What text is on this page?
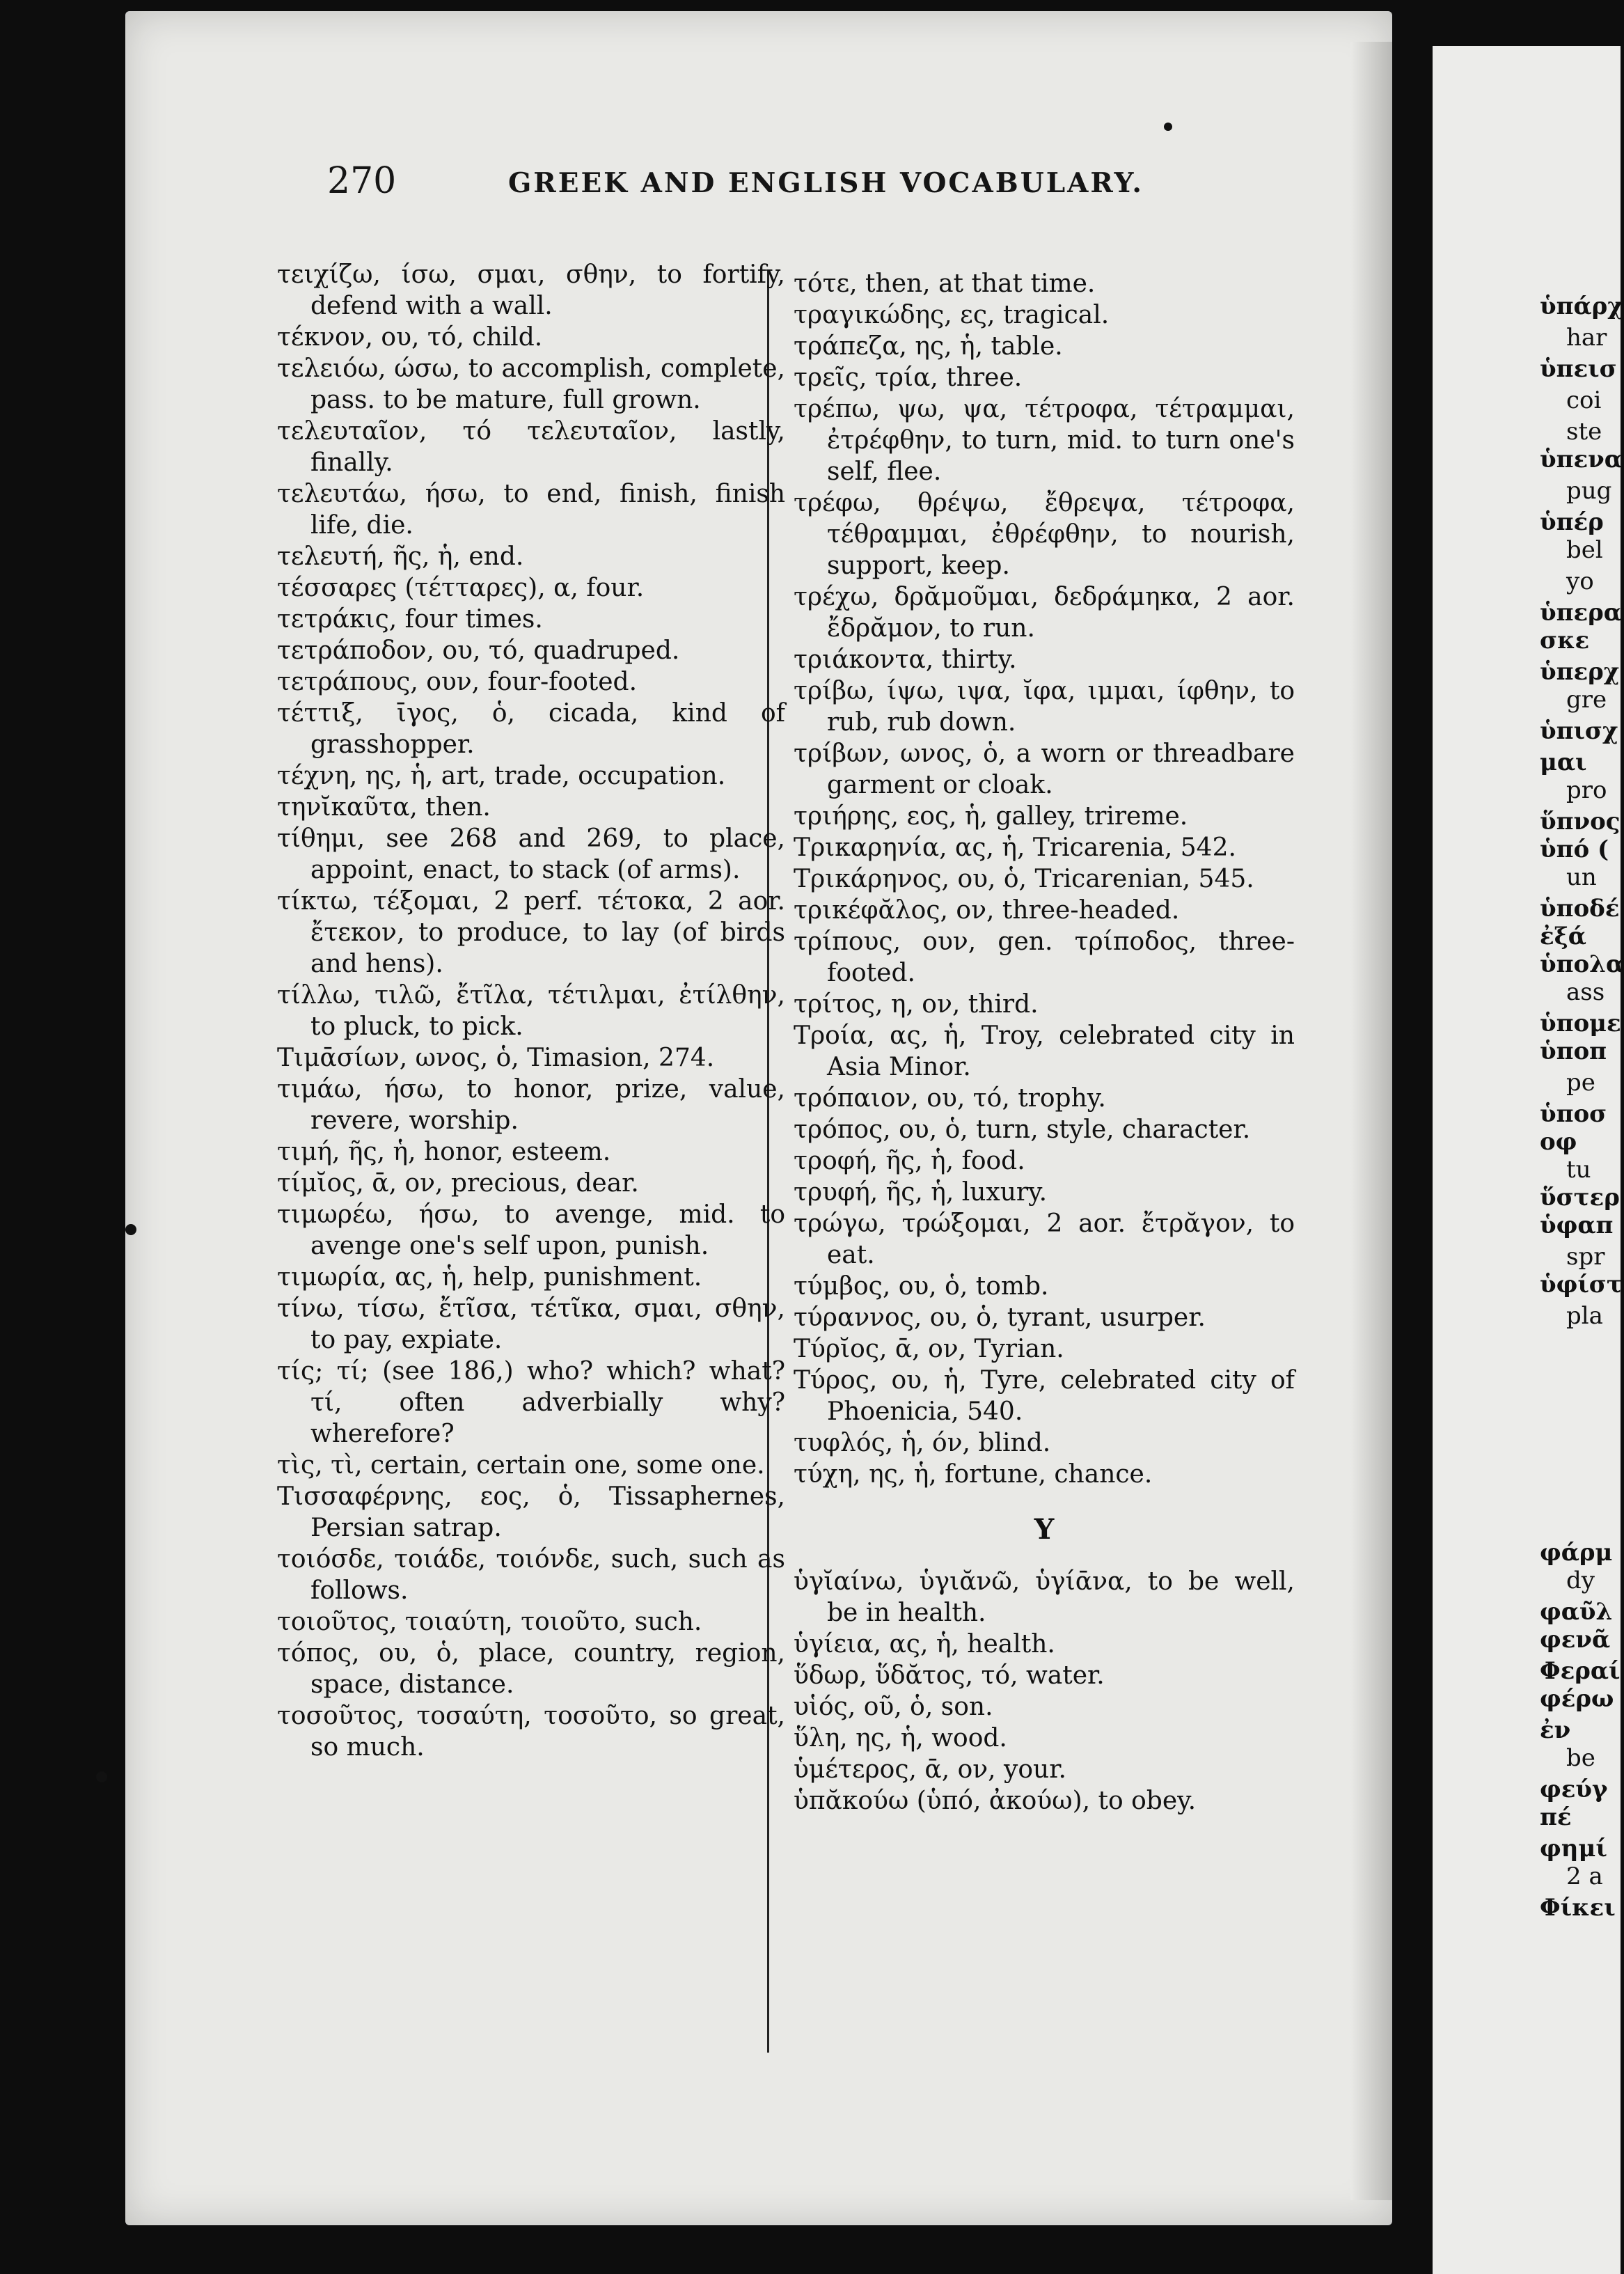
270	GREEK AND ENGLISH VOCABULARY.
τειχίζω, ίσω, σμαι, σθην, to fortify, defend with a wall.
τέκνον, ου, τό, child.
τελειόω, ώσω, to accomplish, complete, pass. to be mature, full grown.
τελευταῖον, τό τελευταῖον, lastly, finally.
τελευτάω, ήσω, to end, finish, finish life, die.
τελευτή, ῆς, ἡ, end.
τέσσαρες (τέτταρες), α, four.
τετράκις, four times.
τετράποδον, ου, τό, quadruped.
τετράπους, ουν, four-footed.
τέττιξ, ῑγος, ὁ, cicada, kind of grasshopper.
τέχνη, ης, ἡ, art, trade, occupation.
τηνῐκαῦτα, then.
τίθημι, see 268 and 269, to place, appoint, enact, to stack (of arms).
τίκτω, τέξομαι, 2 perf. τέτοκα, 2 aor. ἔτεκον, to produce, to lay (of birds and hens).
τίλλω, τιλῶ, ἔτῖλα, τέτιλμαι, ἐτίλθην, to pluck, to pick.
Τιμᾱσίων, ωνος, ὁ, Timasion, 274.
τιμάω, ήσω, to honor, prize, value, revere, worship.
τιμή, ῆς, ἡ, honor, esteem.
τίμῐος, ᾱ, ον, precious, dear.
τιμωρέω, ήσω, to avenge, mid. to avenge one's self upon, punish.
τιμωρία, ας, ἡ, help, punishment.
τίνω, τίσω, ἔτῖσα, τέτῖκα, σμαι, σθην, to pay, expiate.
τίς; τί; (see 186,) who? which? what? τί, often adverbially why? wherefore?
τὶς, τὶ, certain, certain one, some one.
Τισσαφέρνης, εος, ὁ, Tissaphernes, Persian satrap.
τοιόσδε, τοιάδε, τοιόνδε, such, such as follows.
τοιοῦτος, τοιαύτη, τοιοῦτο, such.
τόπος, ου, ὁ, place, country, region, space, distance.
τοσοῦτος, τοσαύτη, τοσοῦτο, so great, so much.
τότε, then, at that time.
τραγικώδης, ες, tragical.
τράπεζα, ης, ἡ, table.
τρεῖς, τρία, three.
τρέπω, ψω, ψα, τέτροφα, τέτραμμαι, ἐτρέφθην, to turn, mid. to turn one's self, flee.
τρέφω, θρέψω, ἔθρεψα, τέτροφα, τέθραμμαι, ἐθρέφθην, to nourish, support, keep.
τρέχω, δρᾰμοῦμαι, δεδράμηκα, 2 aor. ἔδρᾰμον, to run.
τριάκοντα, thirty.
τρίβω, ίψω, ιψα, ῐφα, ιμμαι, ίφθην, to rub, rub down.
τρίβων, ωνος, ὁ, a worn or threadbare garment or cloak.
τριήρης, εος, ἡ, galley, trireme.
Τρικαρηνία, ας, ἡ, Tricarenia, 542.
Τρικάρηνος, ου, ὁ, Tricarenian, 545.
τρικέφᾰλος, ον, three-headed.
τρίπους, ουν, gen. τρίποδος, three-footed.
τρίτος, η, ον, third.
Τροία, ας, ἡ, Troy, celebrated city in Asia Minor.
τρόπαιον, ου, τό, trophy.
τρόπος, ου, ὁ, turn, style, character.
τροφή, ῆς, ἡ, food.
τρυφή, ῆς, ἡ, luxury.
τρώγω, τρώξομαι, 2 aor. ἔτρᾰγον, to eat.
τύμβος, ου, ὁ, tomb.
τύραννος, ου, ὁ, tyrant, usurper.
Τύρῐος, ᾱ, ον, Tyrian.
Τύρος, ου, ἡ, Tyre, celebrated city of Phoenicia, 540.
τυφλός, ἡ, όν, blind.
τύχη, ης, ἡ, fortune, chance.
Υ
ὑγῐαίνω, ὑγιᾰνῶ, ὑγίᾱνα, to be well, be in health.
ὑγίεια, ας, ἡ, health.
ὕδωρ, ὕδᾰτος, τό, water.
υἱός, οῦ, ὁ, son.
ὕλη, ης, ἡ, wood.
ὑμέτερος, ᾱ, ον, your.
ὑπᾰκούω (ὑπό, ἀκούω), to obey.
ὑπάρχ
har
ὑπεισ
coi
ste
ὑπενα
pug
ὑπέρ
bel
yo
ὑπερα
σκε
ὑπερχ
gre
ὑπισχ
μαι
pro
ὕπνος
ὑπό (
un
ὑποδέ
ἐξά
ὑπολα
ass
ὑπομε
ὑποπ
pe
ὑποσ
οφ
tu
ὕστερ
ὑφαπ
spr
ὑφίστ
pla
φάρμ
dy
φαῦλ
φενᾶ
Φεραί
φέρω
ἐν
be
φεύγ
πέ
φημί
2 a
Φίκει
